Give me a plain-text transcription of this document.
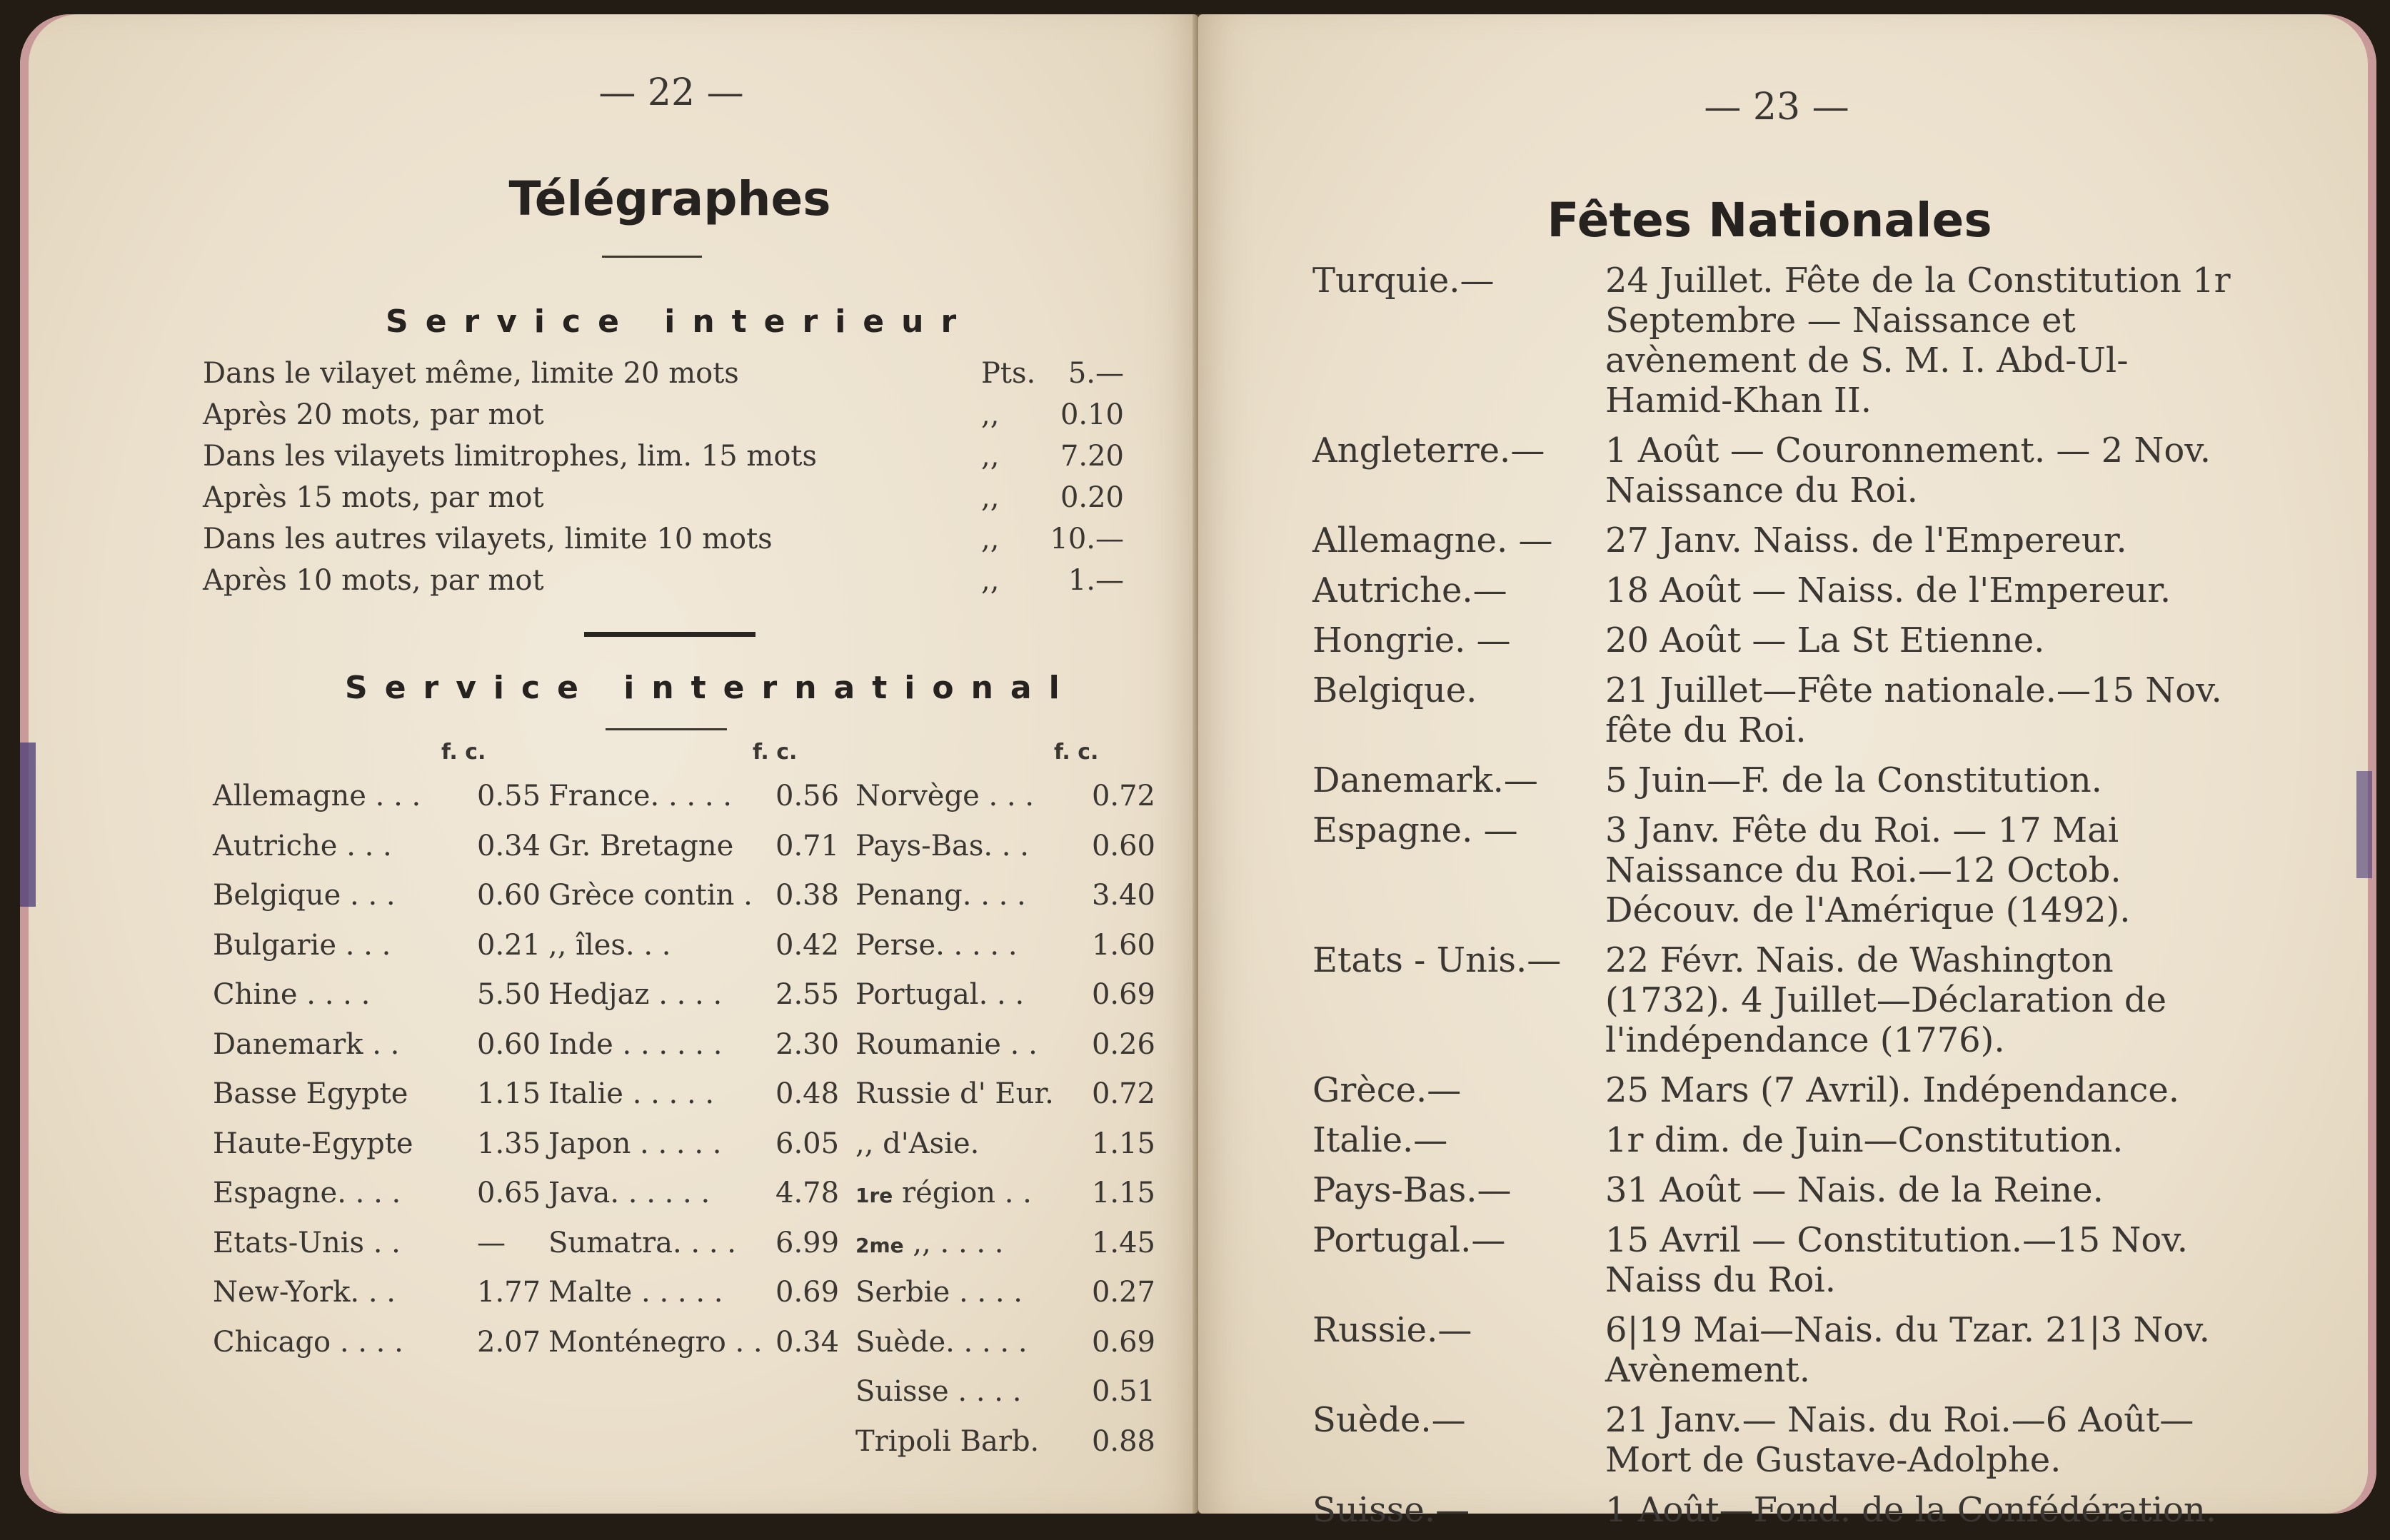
— 22 —
Télégraphes
Service interieur
Dans le vilayet même, limite 20 mots	Pts. 5.—
Après 20 mots, par mot	,, 0.10
Dans les vilayets limitrophes, lim. 15 mots	,, 7.20
Après 15 mots, par mot	,, 0.20
Dans les autres vilayets, limite 10 mots	,, 10.—
Après 10 mots, par mot	,, 1.—
Service international
f. c.	f. c.	f. c.
Allemagne . . . 0.55 France. . . . . 0.56 Norvège . . . 0.72
Autriche . . .	0.34 Gr. Bretagne 0.71 Pays-Bas. . . 0.60
Belgique . . .	0.60 Grèce contin . 0.38 Penang. . . . 3.40
Bulgarie . . .	0.21 ,, îles. . .	0.42 Perse. . . . .	1.60
Chine . . . .	5.50 Hedjaz . . . . 2.55 Portugal. . . 0.69
Danemark . .	0.60 Inde . . . . . . 2.30 Roumanie . . 0.26
Basse Egypte 1.15 Italie . . . . . 0.48 Russie d' Eur. 0.72
Haute-Egypte 1.35 Japon . . . . . 6.05 ,, d'Asie.	1.15
Espagne. . . .	0.65 Java. . . . . . 4.78 1re région . . 1.15
Etats-Unis . .	— Sumatra. . . . 6.99 2me ,, . . . .	1.45
New-York. . .	1.77 Malte . . . . . 0.69 Serbie . . . . 0.27
Chicago . . . .	2.07 Monténegro . . 0.34 Suède. . . . . 0.69
Suisse . . . . 0.51
Tripoli Barb. 0.88
— 23 —
Fêtes Nationales
Turquie.—	24 Juillet. Fête de la Constitution 1r Septembre — Naissance et avènement de S. M. I. Abd-Ul-Hamid-Khan II.
Angleterre.— 1 Août — Couronnement. — 2 Nov. Naissance du Roi.
Allemagne. — 27 Janv. Naiss. de l'Empereur.
Autriche.—	18 Août — Naiss. de l'Empereur.
Hongrie. —	20 Août — La St Etienne.
Belgique.	21 Juillet—Fête nationale.—15 Nov. fête du Roi.
Danemark.— 5 Juin—F. de la Constitution.
Espagne. —	3 Janv. Fête du Roi. — 17 Mai Naissance du Roi.—12 Octob. Découv. de l'Amérique (1492).
Etats - Unis.— 22 Févr. Nais. de Washington (1732). 4 Juillet—Déclaration de l'indépendance (1776).
Grèce.—	25 Mars (7 Avril). Indépendance.
Italie.—	1r dim. de Juin—Constitution.
Pays-Bas.—	31 Août — Nais. de la Reine.
Portugal.—	15 Avril — Constitution.—15 Nov. Naiss du Roi.
Russie.—	6|19 Mai—Nais. du Tzar. 21|3 Nov. Avènement.
Suède.—	21 Janv.— Nais. du Roi.—6 Août— Mort de Gustave-Adolphe.
Suisse.—	1 Août—Fond. de la Confédération.
